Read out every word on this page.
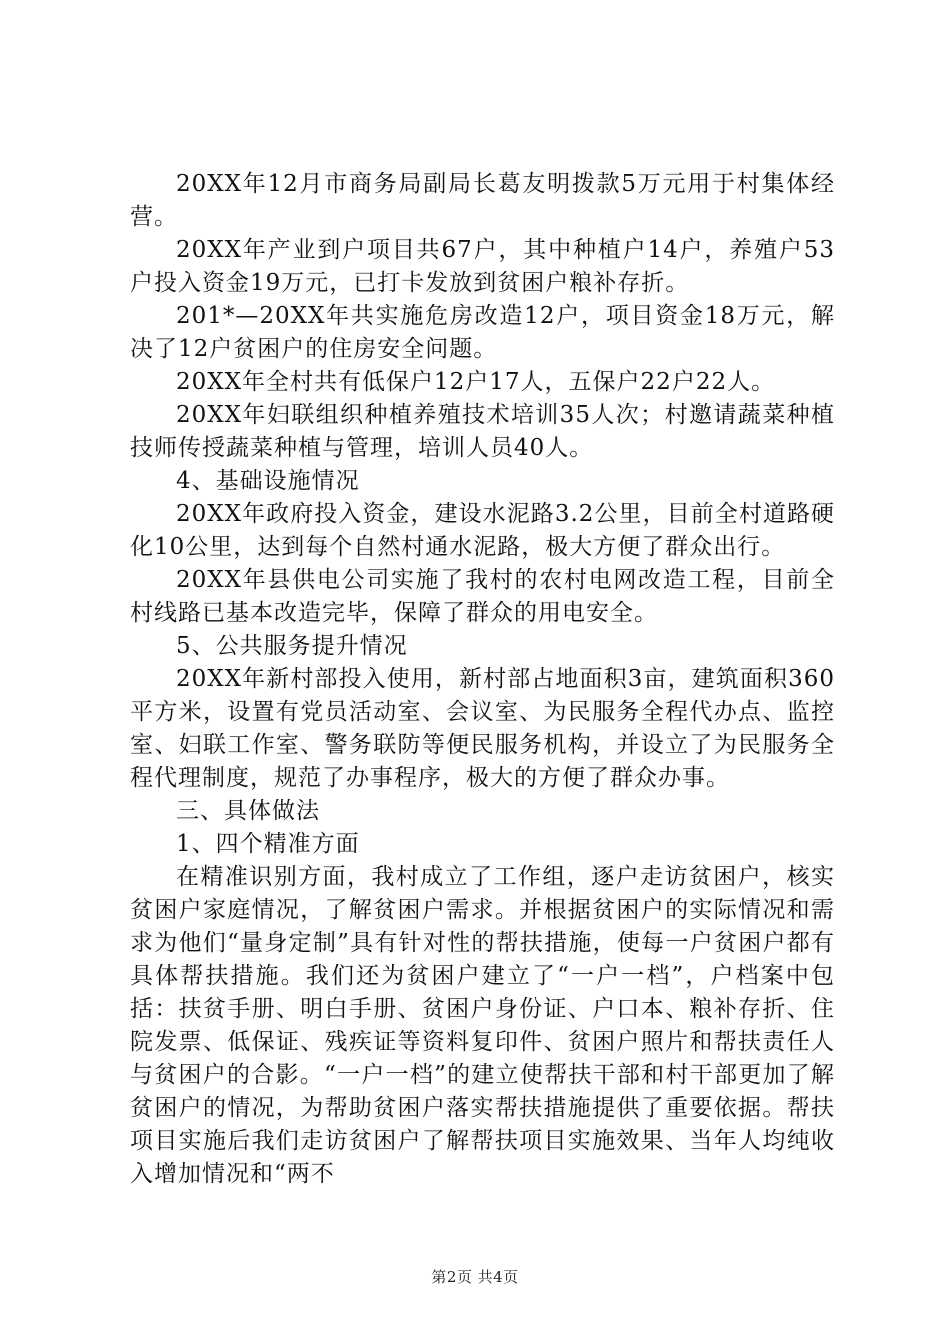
20XX年12月市商务局副局长葛友明拨款5万元用于村集体经营。

20XX年产业到户项目共67户，其中种植户14户，养殖户53户投入资金19万元，已打卡发放到贫困户粮补存折。

201*—20XX年共实施危房改造12户，项目资金18万元，解决了12户贫困户的住房安全问题。

20XX年全村共有低保户12户17人，五保户22户22人。

20XX年妇联组织种植养殖技术培训35人次；村邀请蔬菜种植技师传授蔬菜种植与管理，培训人员40人。

4、基础设施情况

20XX年政府投入资金，建设水泥路3.2公里，目前全村道路硬化10公里，达到每个自然村通水泥路，极大方便了群众出行。

20XX年县供电公司实施了我村的农村电网改造工程，目前全村线路已基本改造完毕，保障了群众的用电安全。

5、公共服务提升情况

20XX年新村部投入使用，新村部占地面积3亩，建筑面积360平方米，设置有党员活动室、会议室、为民服务全程代办点、监控室、妇联工作室、警务联防等便民服务机构，并设立了为民服务全程代理制度，规范了办事程序，极大的方便了群众办事。

三、具体做法

1、四个精准方面

在精准识别方面，我村成立了工作组，逐户走访贫困户，核实贫困户家庭情况，了解贫困户需求。并根据贫困户的实际情况和需求为他们“量身定制”具有针对性的帮扶措施，使每一户贫困户都有具体帮扶措施。我们还为贫困户建立了“一户一档”，户档案中包括：扶贫手册、明白手册、贫困户身份证、户口本、粮补存折、住院发票、低保证、残疾证等资料复印件、贫困户照片和帮扶责任人与贫困户的合影。“一户一档”的建立使帮扶干部和村干部更加了解贫困户的情况，为帮助贫困户落实帮扶措施提供了重要依据。帮扶项目实施后我们走访贫困户了解帮扶项目实施效果、当年人均纯收入增加情况和“两不

第2页 共4页
